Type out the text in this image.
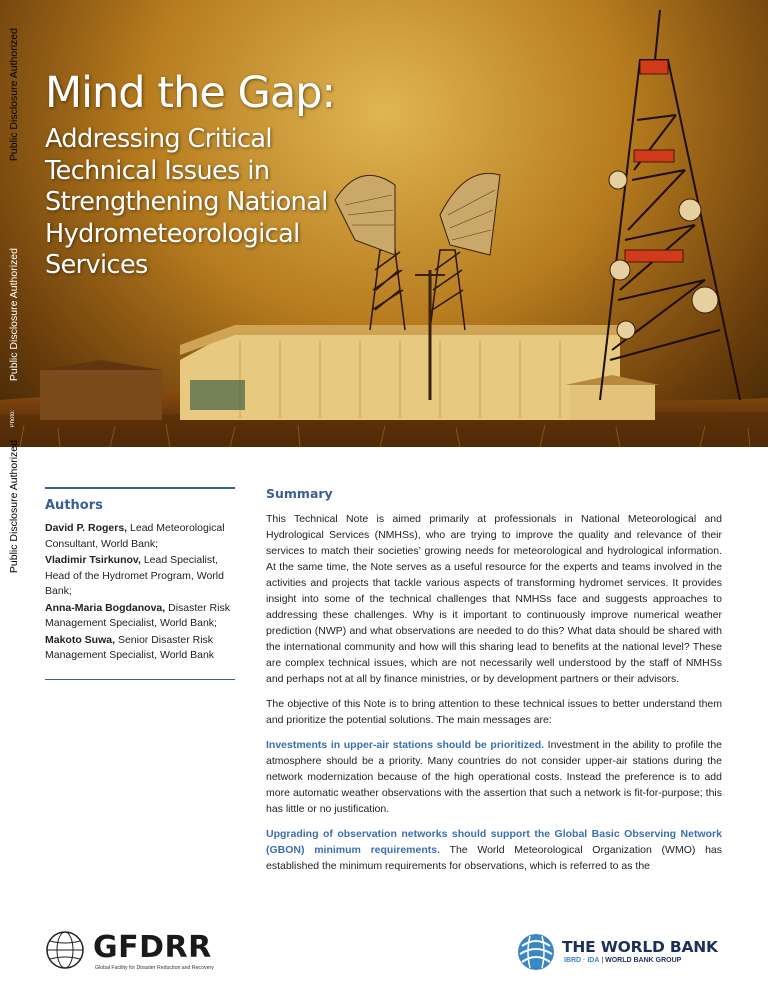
Mind the Gap:

Addressing Critical Technical Issues in Strengthening National Hydrometeorological Services

Photo:
Public Disclosure Authorized
Public Disclosure Authorized
Public Disclosure Authorized Authors
David P. Rogers, Lead Meteorological Consultant, World Bank;
Vladimir Tsirkunov, Lead Specialist, Head of the Hydromet Program, World Bank;
Anna-Maria Bogdanova, Disaster Risk Management Specialist, World Bank;
Makoto Suwa, Senior Disaster Risk Management Specialist, World Bank
Summary

This Technical Note is aimed primarily at professionals in National Meteorological and Hydrological Services (NMHSs), who are trying to improve the quality and relevance of their services to match their societies’ growing needs for meteorological and hydrological information. At the same time, the Note serves as a useful resource for the experts and teams involved in the activities and projects that tackle various aspects of transforming hydromet services. It provides insight into some of the technical challenges that NMHSs face and suggests approaches to addressing these challenges. Why is it important to continuously improve numerical weather prediction (NWP) and what observations are needed to do this? What data should be shared with the international community and how will this sharing lead to benefits at the national level? These are complex technical issues, which are not necessarily well understood by the staff of NMHSs and perhaps not at all by finance ministries, or by development partners or their advisors.

The objective of this Note is to bring attention to these technical issues to better understand them and prioritize the potential solutions. The main messages are:

Investments in upper-air stations should be prioritized. Investment in the ability to profile the atmosphere should be a priority. Many countries do not consider upper-air stations during the network modernization because of the high operational costs. Instead the preference is to add more automatic weather observations with the assertion that such a network is fit-for-purpose; this has little or no justification.

Upgrading of observation networks should support the Global Basic Observing Network (GBON) minimum requirements. The World Meteorological Organization (WMO) has established the minimum requirements for observations, which is referred to as the

GFDRR
Global Facility for Disaster Reduction and Recovery
THE WORLD BANK
IBRD · IDA | WORLD BANK GROUP
